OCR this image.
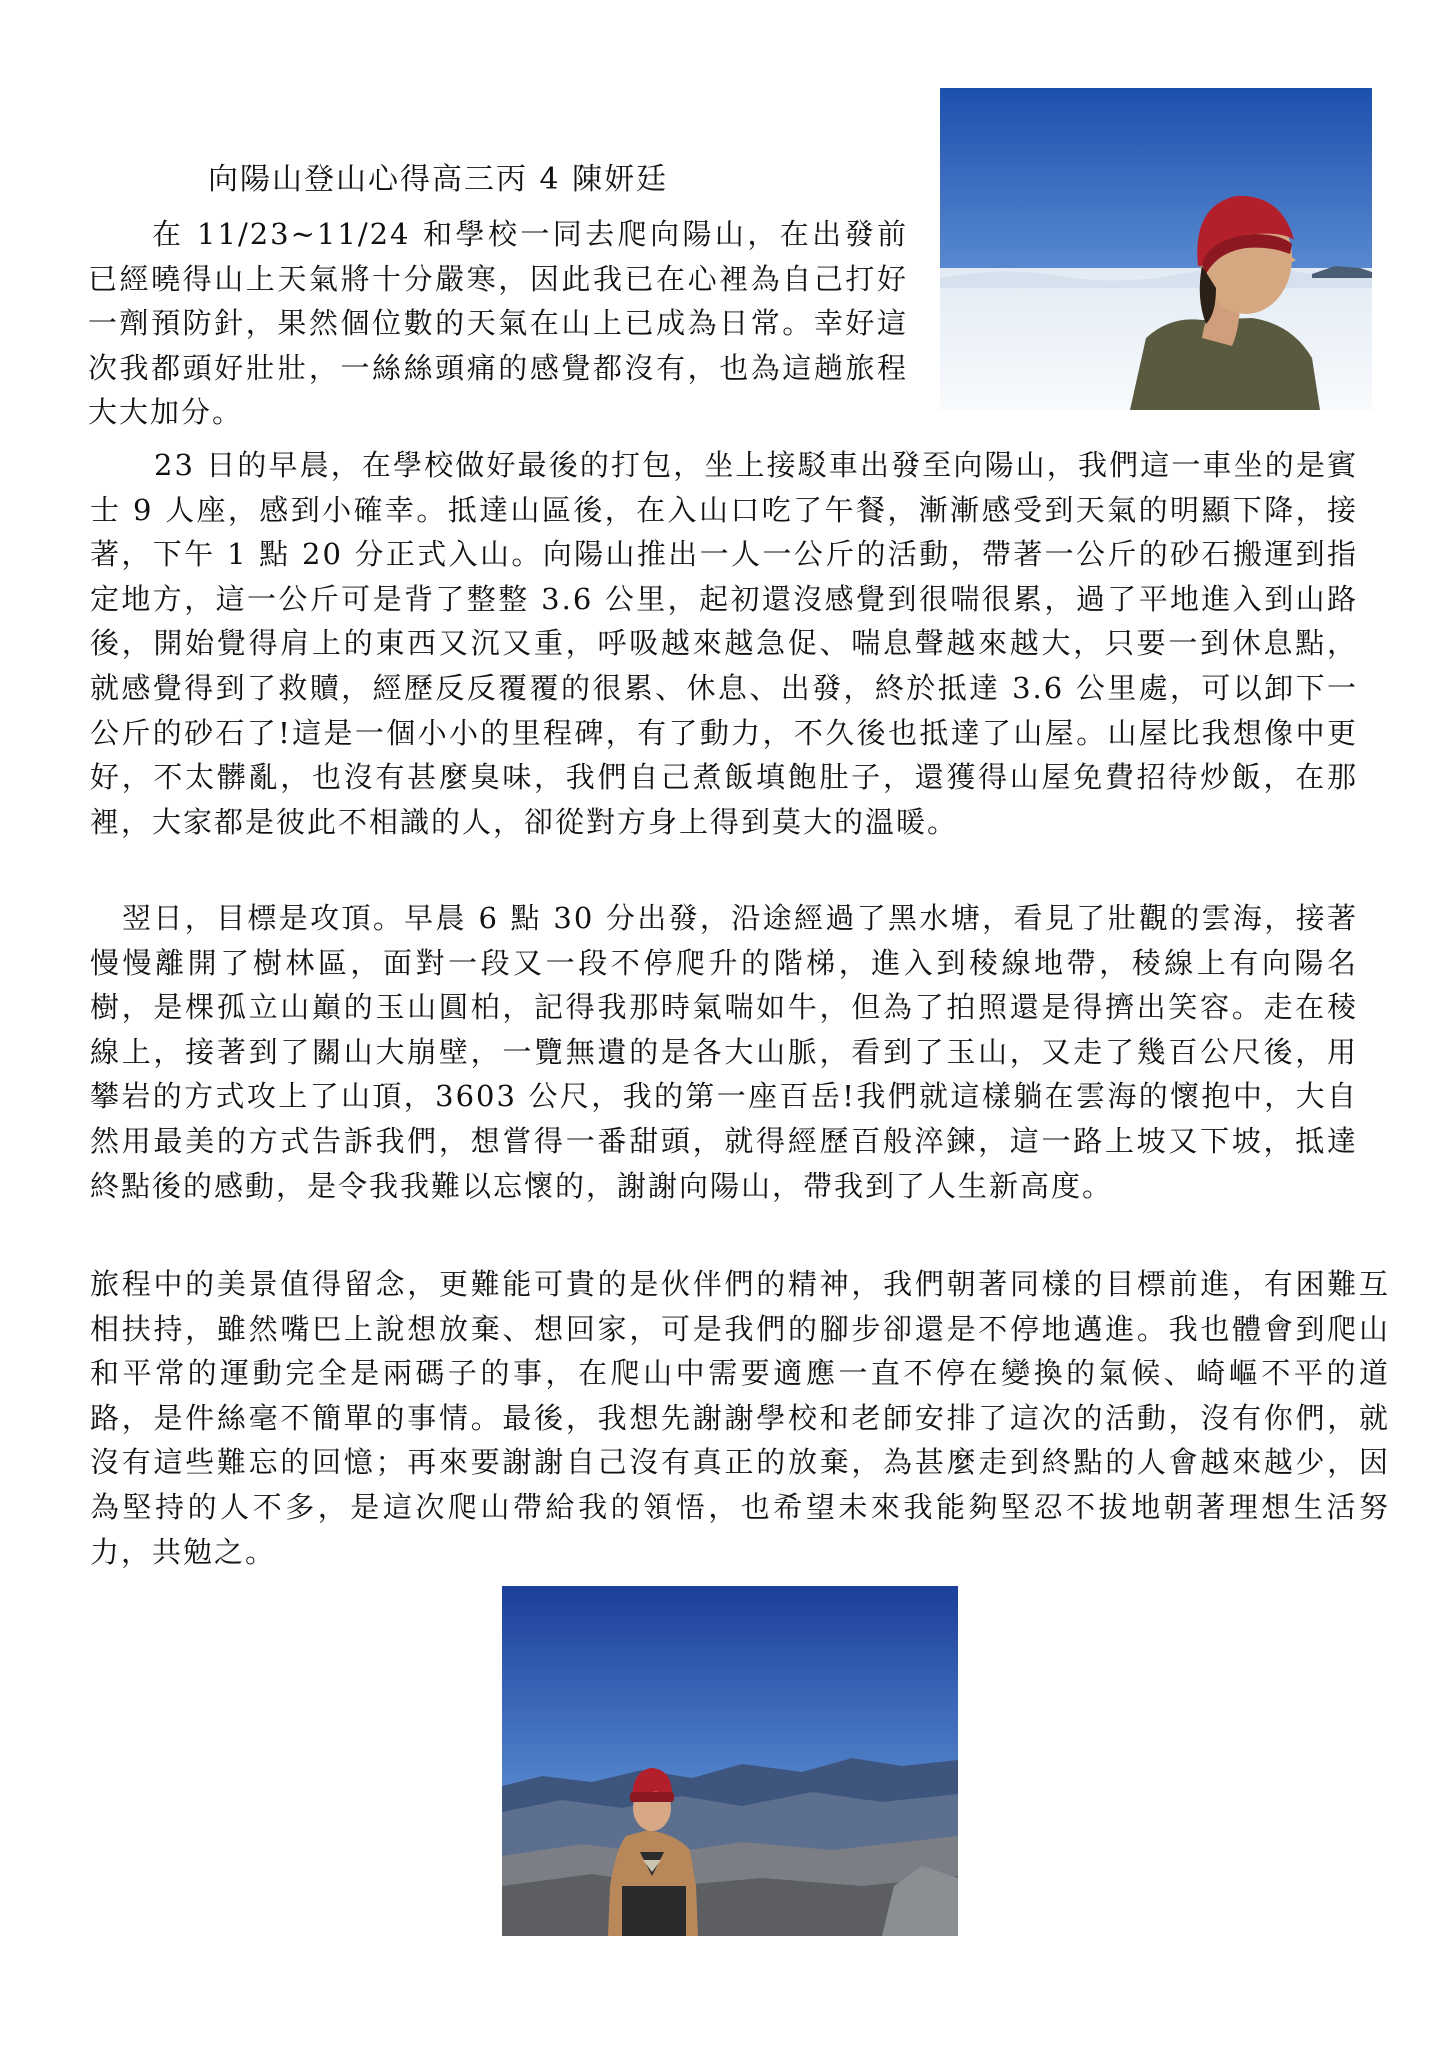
向陽山登山心得高三丙 4 陳妍廷

在 11/23~11/24 和學校一同去爬向陽山，在出發前已經曉得山上天氣將十分嚴寒，因此我已在心裡為自己打好一劑預防針，果然個位數的天氣在山上已成為日常。幸好這次我都頭好壯壯，一絲絲頭痛的感覺都沒有，也為這趟旅程大大加分。

23 日的早晨，在學校做好最後的打包，坐上接駁車出發至向陽山，我們這一車坐的是賓士 9 人座，感到小確幸。抵達山區後，在入山口吃了午餐，漸漸感受到天氣的明顯下降，接著，下午 1 點 20 分正式入山。向陽山推出一人一公斤的活動，帶著一公斤的砂石搬運到指定地方，這一公斤可是背了整整 3.6 公里，起初還沒感覺到很喘很累，過了平地進入到山路後，開始覺得肩上的東西又沉又重，呼吸越來越急促、喘息聲越來越大，只要一到休息點，就感覺得到了救贖，經歷反反覆覆的很累、休息、出發，終於抵達 3.6 公里處，可以卸下一公斤的砂石了!這是一個小小的里程碑，有了動力，不久後也抵達了山屋。山屋比我想像中更好，不太髒亂，也沒有甚麼臭味，我們自己煮飯填飽肚子，還獲得山屋免費招待炒飯，在那裡，大家都是彼此不相識的人，卻從對方身上得到莫大的溫暖。

翌日，目標是攻頂。早晨 6 點 30 分出發，沿途經過了黑水塘，看見了壯觀的雲海，接著慢慢離開了樹林區，面對一段又一段不停爬升的階梯，進入到稜線地帶，稜線上有向陽名樹，是棵孤立山巔的玉山圓柏，記得我那時氣喘如牛，但為了拍照還是得擠出笑容。走在稜線上，接著到了關山大崩壁，一覽無遺的是各大山脈，看到了玉山，又走了幾百公尺後，用攀岩的方式攻上了山頂，3603 公尺，我的第一座百岳!我們就這樣躺在雲海的懷抱中，大自然用最美的方式告訴我們，想嘗得一番甜頭，就得經歷百般淬鍊，這一路上坡又下坡，抵達終點後的感動，是令我我難以忘懷的，謝謝向陽山，帶我到了人生新高度。

旅程中的美景值得留念，更難能可貴的是伙伴們的精神，我們朝著同樣的目標前進，有困難互相扶持，雖然嘴巴上說想放棄、想回家，可是我們的腳步卻還是不停地邁進。我也體會到爬山和平常的運動完全是兩碼子的事，在爬山中需要適應一直不停在變換的氣候、崎嶇不平的道路，是件絲毫不簡單的事情。最後，我想先謝謝學校和老師安排了這次的活動，沒有你們，就沒有這些難忘的回憶；再來要謝謝自己沒有真正的放棄，為甚麼走到終點的人會越來越少，因為堅持的人不多，是這次爬山帶給我的領悟，也希望未來我能夠堅忍不拔地朝著理想生活努力，共勉之。
